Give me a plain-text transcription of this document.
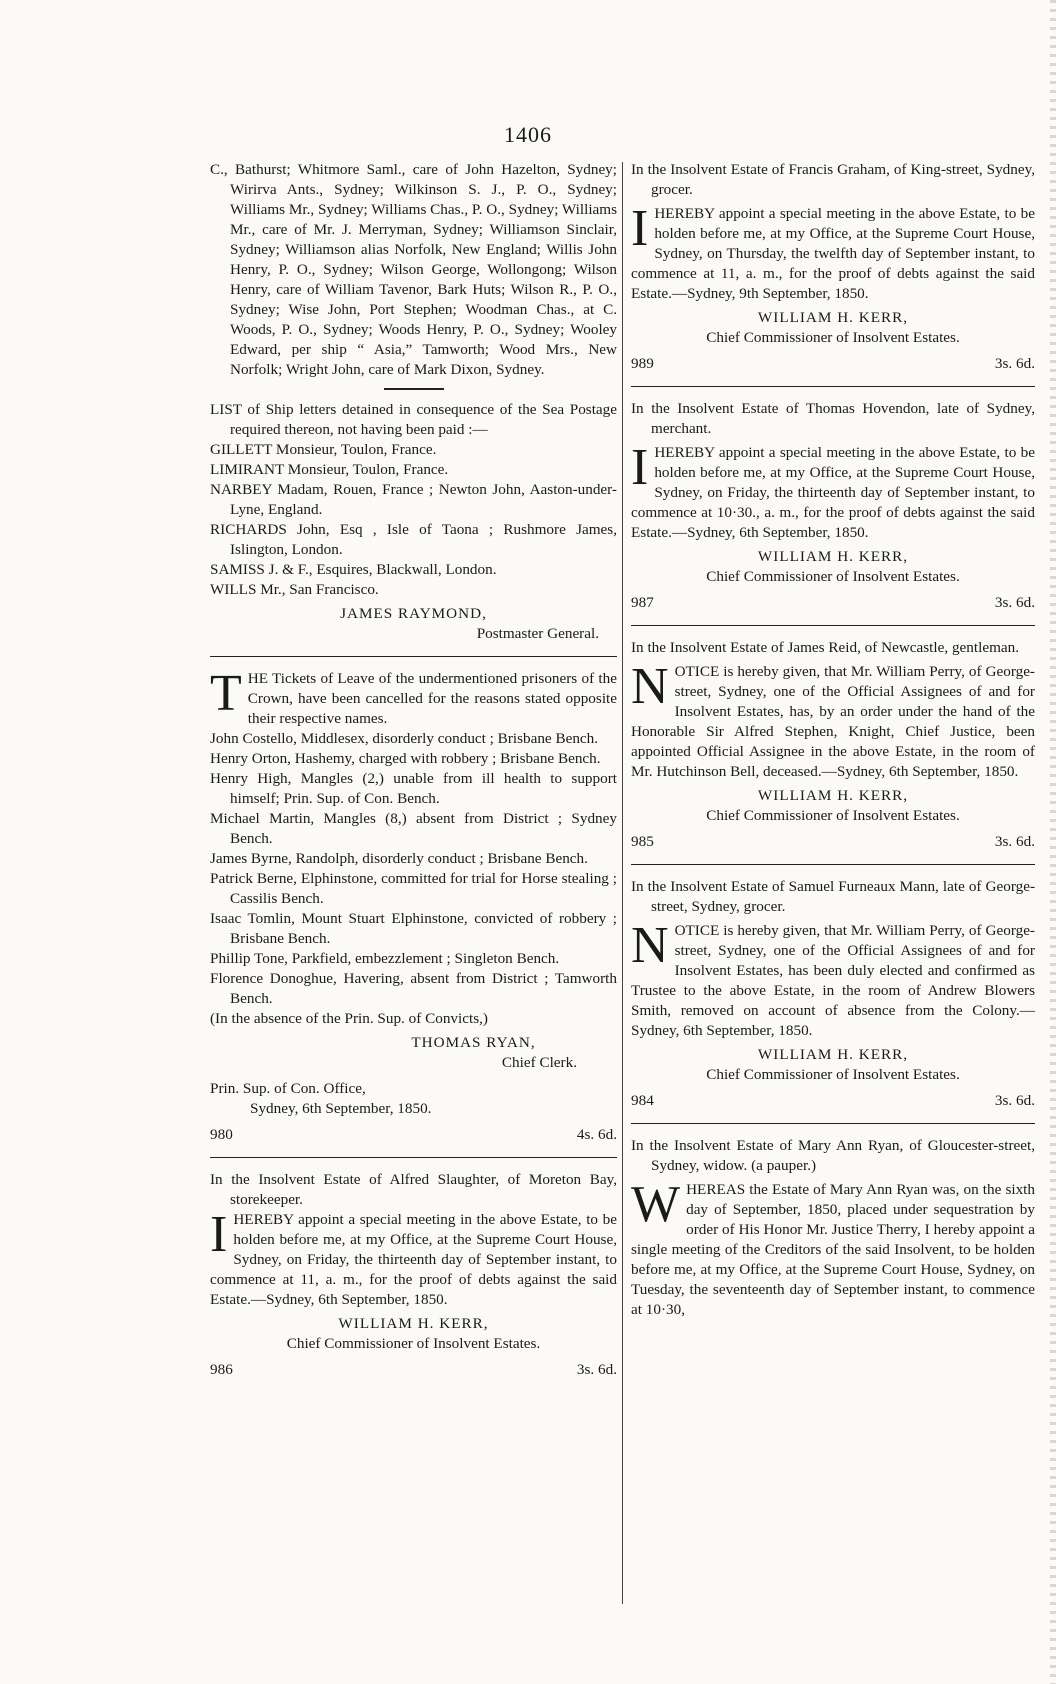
1406

C., Bathurst; Whitmore Saml., care of John Hazelton, Sydney; Wirirva Ants., Sydney; Wilkinson S. J., P. O., Sydney; Williams Mr., Sydney; Williams Chas., P. O., Sydney; Williams Mr., care of Mr. J. Merryman, Sydney; Williamson Sinclair, Sydney; Williamson alias Norfolk, New England; Willis John Henry, P. O., Sydney; Wilson George, Wollongong; Wilson Henry, care of William Tavenor, Bark Huts; Wilson R., P. O., Sydney; Wise John, Port Stephen; Woodman Chas., at C. Woods, P. O., Sydney; Woods Henry, P. O., Sydney; Wooley Edward, per ship “ Asia,” Tamworth; Wood Mrs., New Norfolk; Wright John, care of Mark Dixon, Sydney.

LIST of Ship letters detained in consequence of the Sea Postage required thereon, not having been paid :—

GILLETT Monsieur, Toulon, France.

LIMIRANT Monsieur, Toulon, France.

NARBEY Madam, Rouen, France ; Newton John, Aaston-under-Lyne, England.

RICHARDS John, Esq , Isle of Taona ; Rushmore James, Islington, London.

SAMISS J. & F., Esquires, Blackwall, London.

WILLS Mr., San Francisco.

JAMES RAYMOND,

Postmaster General.

T HE Tickets of Leave of the undermentioned prisoners of the Crown, have been cancelled for the reasons stated opposite their respective names.

John Costello, Middlesex, disorderly conduct ; Brisbane Bench.

Henry Orton, Hashemy, charged with robbery ; Brisbane Bench.

Henry High, Mangles (2,) unable from ill health to support himself; Prin. Sup. of Con. Bench.

Michael Martin, Mangles (8,) absent from District ; Sydney Bench.

James Byrne, Randolph, disorderly conduct ; Brisbane Bench.

Patrick Berne, Elphinstone, committed for trial for Horse stealing ; Cassilis Bench.

Isaac Tomlin, Mount Stuart Elphinstone, convicted of robbery ; Brisbane Bench.

Phillip Tone, Parkfield, embezzlement ; Singleton Bench.

Florence Donoghue, Havering, absent from District ; Tamworth Bench.

(In the absence of the Prin. Sup. of Convicts,)

THOMAS RYAN,

Chief Clerk.

Prin. Sup. of Con. Office,

Sydney, 6th September, 1850.

980	4s. 6d.

In the Insolvent Estate of Alfred Slaughter, of Moreton Bay, storekeeper.

I HEREBY appoint a special meeting in the above Estate, to be holden before me, at my Office, at the Supreme Court House, Sydney, on Friday, the thirteenth day of September instant, to commence at 11, a. m., for the proof of debts against the said Estate.—Sydney, 6th September, 1850.

WILLIAM H. KERR,

Chief Commissioner of Insolvent Estates.

986	3s. 6d.

In the Insolvent Estate of Francis Graham, of King-street, Sydney, grocer.

I HEREBY appoint a special meeting in the above Estate, to be holden before me, at my Office, at the Supreme Court House, Sydney, on Thursday, the twelfth day of September instant, to commence at 11, a. m., for the proof of debts against the said Estate.—Sydney, 9th September, 1850.

WILLIAM H. KERR,

Chief Commissioner of Insolvent Estates.

989	3s. 6d.

In the Insolvent Estate of Thomas Hovendon, late of Sydney, merchant.

I HEREBY appoint a special meeting in the above Estate, to be holden before me, at my Office, at the Supreme Court House, Sydney, on Friday, the thirteenth day of September instant, to commence at 10·30., a. m., for the proof of debts against the said Estate.—Sydney, 6th September, 1850.

WILLIAM H. KERR,

Chief Commissioner of Insolvent Estates.

987	3s. 6d.

In the Insolvent Estate of James Reid, of Newcastle, gentleman.

N OTICE is hereby given, that Mr. William Perry, of George-street, Sydney, one of the Official Assignees of and for Insolvent Estates, has, by an order under the hand of the Honorable Sir Alfred Stephen, Knight, Chief Justice, been appointed Official Assignee in the above Estate, in the room of Mr. Hutchinson Bell, deceased.—Sydney, 6th September, 1850.

WILLIAM H. KERR,

Chief Commissioner of Insolvent Estates.

985	3s. 6d.

In the Insolvent Estate of Samuel Furneaux Mann, late of George-street, Sydney, grocer.

N OTICE is hereby given, that Mr. William Perry, of George-street, Sydney, one of the Official Assignees of and for Insolvent Estates, has been duly elected and confirmed as Trustee to the above Estate, in the room of Andrew Blowers Smith, removed on account of absence from the Colony.—Sydney, 6th September, 1850.

WILLIAM H. KERR,

Chief Commissioner of Insolvent Estates.

984	3s. 6d.

In the Insolvent Estate of Mary Ann Ryan, of Gloucester-street, Sydney, widow. (a pauper.)

W HEREAS the Estate of Mary Ann Ryan was, on the sixth day of September, 1850, placed under sequestration by order of His Honor Mr. Justice Therry, I hereby appoint a single meeting of the Creditors of the said Insolvent, to be holden before me, at my Office, at the Supreme Court House, Sydney, on Tuesday, the seventeenth day of September instant, to commence at 10·30,
